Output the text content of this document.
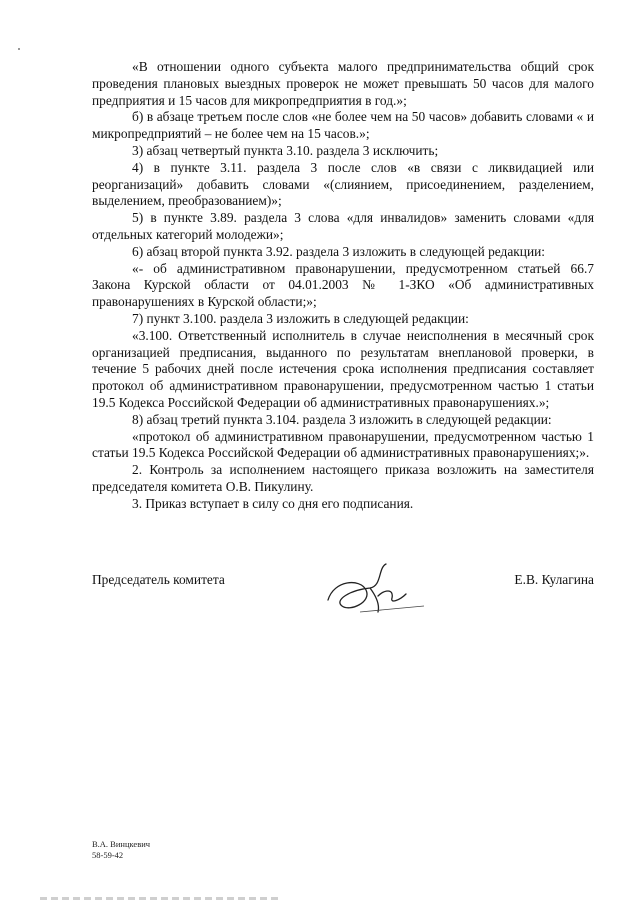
«В отношении одного субъекта малого предпринимательства общий срок проведения плановых выездных проверок не может превышать 50 часов для малого предприятия и 15 часов для микропредприятия в год.»;

б) в абзаце третьем после слов «не более чем на 50 часов» добавить словами « и микропредприятий – не более чем на 15 часов.»;

3) абзац четвертый пункта 3.10. раздела 3 исключить;

4) в пункте 3.11. раздела 3 после слов «в связи с ликвидацией или реорганизаций» добавить словами «(слиянием, присоединением, разделением, выделением, преобразованием)»;

5) в пункте 3.89. раздела 3 слова «для инвалидов» заменить словами «для отдельных категорий молодежи»;

6) абзац второй пункта 3.92. раздела 3 изложить в следующей редакции:

«- об административном правонарушении, предусмотренном статьей 66.7 Закона Курской области от 04.01.2003 № 1-ЗКО «Об административных правонарушениях в Курской области;»;

7) пункт 3.100. раздела 3 изложить в следующей редакции:

«3.100. Ответственный исполнитель в случае неисполнения в месячный срок организацией предписания, выданного по результатам внеплановой проверки, в течение 5 рабочих дней после истечения срока исполнения предписания составляет протокол об административном правонарушении, предусмотренном частью 1 статьи 19.5 Кодекса Российской Федерации об административных правонарушениях.»;

8) абзац третий пункта 3.104. раздела 3 изложить в следующей редакции:

«протокол об административном правонарушении, предусмотренном частью 1 статьи 19.5 Кодекса Российской Федерации об административных правонарушениях;».

2. Контроль за исполнением настоящего приказа возложить на заместителя председателя комитета О.В. Пикулину.

3. Приказ вступает в силу со дня его подписания.

Председатель комитета	Е.В. Кулагина
В.А. Винцкевич
58-59-42
